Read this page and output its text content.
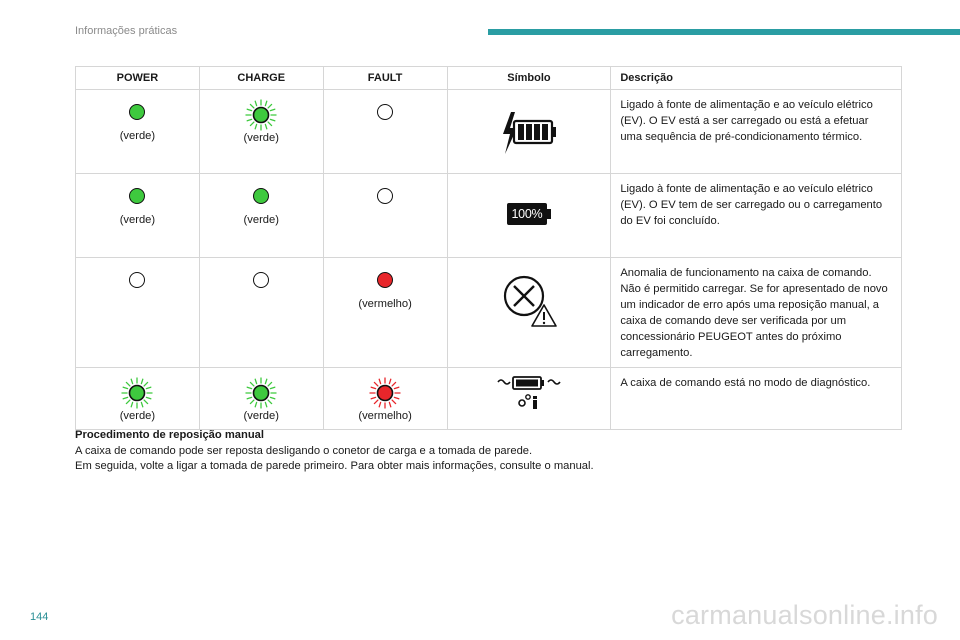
Informações práticas
POWER	CHARGE	FAULT	Símbolo	Descrição

(verde)	(verde)			Ligado à fonte de alimentação e ao veículo elétrico (EV). O EV está a ser carregado ou está a efetuar uma sequência de pré-condicionamento térmico.

(verde)	(verde)		100%	Ligado à fonte de alimentação e ao veículo elétrico (EV). O EV tem de ser carregado ou o carregamento do EV foi concluído.

		(vermelho)		Anomalia de funcionamento na caixa de comando. Não é permitido carregar. Se for apresentado de novo um indicador de erro após uma reposição manual, a caixa de comando deve ser verificada por um concessionário PEUGEOT antes do próximo carregamento.

(verde)	(verde)	(vermelho)		A caixa de comando está no modo de diagnóstico.
Procedimento de reposição manual
A caixa de comando pode ser reposta desligando o conetor de carga e a tomada de parede.
Em seguida, volte a ligar a tomada de parede primeiro. Para obter mais informações, consulte o manual.
144	carmanualsonline.info
